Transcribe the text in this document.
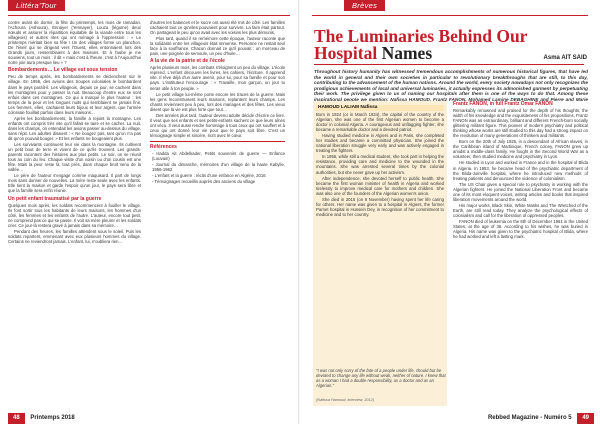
Littéra'Tour

contre avant de dormir, la fête du printemps, les mois de ramadan, l'Achoura (Ashoura), Ennayer (Yennayer), Louza (légume) deux nœuds et assurer la répartition équitable de la viande entre tous les villageois) et autres rites qui ont ménagé à l'oppression : « Le printemps méritait bien sa fête ! Un des villages forme un planchon. De l'éveil qui se dirigeait vers l'Ouest, elles entonnaient lors des Grands jours, ressemblaient à des maisons. Et à l'aube je me souviens, tout un mois : il dit « mais c'est à l'heure, c'est à l'Aujourd'hui notre joie aura presque lieu » ?

Bombardements… Le village est sous tension

Peu de temps après, les bombardements se déclenchent sur le village. En 1956, des avions des troupes coloniales le bombardent dans le pays paraît-il. Les villageois, depuis ce jour, se cachent dans les montagnes pour y passer la nuit. Beaucoup d'entre eux se sont enfuis dans ces montagnes. Ce qui a marqué le plus l'auteur : les temps de la peur et les longues nuits qui semblaient ne jamais finir. Les femmes, elles, cachaient leurs bijoux et leur argent, que l'armée coloniale fouillait parfois dans leurs maisons…

Après les bombardements, la famille a rejoint la montagne. Les enfants ont compris très vite qu'il fallait se taire et se cacher. La nuit, dans les champs, on entendait les avions passer au-dessus du village, sans répit. Les adultes disaient : « Ne bougez pas, tant qu'on n'a pas dit qu'on pouvait bouger. » Et les enfants ne bougeaient plus.

Les survivants continuent leur vie dans la montagne. Ils cultivent un petit bout de terre et vivent de ce qu'ils trouvent. Les grands-parents racontent des histoires aux plus petits. Le soir, on se réunit tous au coin du feu. Chaque visite d'un voisin ou d'un cousin est une fête. Mais la peur reste là, tout près, dans chaque bruit venu de la vallée…

Le père de l'auteur s'engage comme maquisard. Il part de longs mois sans donner de nouvelles. La mère reste seule avec les enfants. Elle tient la maison et garde l'espoir qu'un jour, le pays sera libre et que la famille sera enfin réunie.

Un petit enfant traumatisé par la guerre

Quelques mois après, les soldats recommencent à fouiller le village. Ils font sortir tous les habitants de leurs maisons, les hommes d'un côté, les femmes et les enfants de l'autre. L'auteur, encore tout petit, ne comprend pas ce qui se passe. Il voit sa mère pleurer et les soldats crier. Ce jour-là restera gravé à jamais dans sa mémoire…

Pendant des heures, les familles attendent sous le soleil. Puis les soldats repartent, emmenant avec eux plusieurs hommes du village. Certains ne reviendront jamais. L'enfant, lui, n'oubliera rien…

d'autres les balances et le sucre ont aussi été mis de côté. Les familles cachaient tout ce qu'elles pouvaient pour survivre. La faim était partout. On partageait le peu qu'on avait avec les voisins les plus démunis.

Plus tard, quand il se remémore cette époque, l'auteur raconte que la solidarité entre les villageois était immense. Personne ne restait seul face à la souffrance. Chacun donnait ce qu'il pouvait : un morceau de pain, une poignée de semoule, un peu d'huile…

A la vie de la patrie et de l'école

Après plusieurs mois, les combats s'éloignent un peu du village. L'école reprend. L'enfant découvre les livres, les cahiers, l'écriture. Il apprend vite. Il rêve déjà d'un autre avenir, pour lui, pour sa famille et pour son pays. L'instituteur l'encourage : « Travaille, mon garçon, un jour tu seras utile à ton peuple. »

Le petit village lui-même porte encore les traces de la guerre. Mais les gens reconstruisent leurs maisons, replantent leurs champs. Les chants reviennent peu à peu, lors des mariages et des fêtes. Les vieux disent que la vie est plus forte que tout…

Des années plus tard, l'auteur devenu adulte décide d'écrire ce livre. Il veut que ses enfants et ses petits-enfants sachent ce que leurs aînés ont vécu. Il veut aussi rendre hommage à tous ceux qui ont souffert et à ceux qui ont donné leur vie pour que le pays soit libre. C'est un témoignage simple et sincère, écrit avec le cœur.

Références
- Hadda Ait Abdelkader, Petits souvenirs de guerre — Enfance (Louvain)
- Journal du dimanche, mémoires d'un village de la haute Kabylie, 1956-1962
- L'enfant et la guerre : récits d'une enfance en Algérie, 2016
- Témoignages recueillis auprès des anciens du village
48 Printemps 2018
Brèves
The Luminaries Behind Our
Hospital Names	Asma AIT SAID
Throughout history humanity has witnessed tremendous accomplishments of numerous historical figures, that have led the world in general and their own societies in particular to revolutionary breakthroughs that are still, to this day, contributing to the advancement of the human nations. Around the world, every society nowadays not only recognizes the prodigious achievements of local and universal luminaries, it actually expresses its admonished garment by perpetuating their work. The privilege given to us of naming our hospitals after them is one of the ways to do that. Among these inspirational people we mention: Nafissa HAMOUD, Frantz FANON, Mohamed Lamine DEBAGHINE and Pierre and Marie
HAMOUD LALIAM Nafissa

Born in 1924 (or in March 1924), the capital of the country of the Algerian, she was one of the first Algerian women to become a doctor in colonial Algeria. A courageous and unflagging fighter, she became a remarkable doctor and a devoted patriot.

Having studied medicine in Algiers and in Paris, she completed her studies and became a committed physician. She joined the national liberation struggle very early and was actively engaged in treating the fighters.

In 1955, while still a medical student, she took part in helping the resistance, providing care and medicine to the wounded in the mountains. She was arrested several times by the colonial authorities, but she never gave up her activism.

After independence, she devoted herself to public health. She became the first woman minister of health in Algeria and worked tirelessly to improve medical care for mothers and children. She was also one of the founders of the Algerian women's union.

She died in 2015 (on 6 November) having spent her life caring for others. Her name was given to a hospital in Algiers, the former Parnet hospital in Hussein Dey, in recognition of her commitment to medicine and to her country.

"I was not only sorry of the fate of a people under life, should but be devoted to change any life without weak, neither of nature. I knew that as a woman I had a double responsibility, as a doctor and as an Algerian."
(Nafissa Hamoud, interview, 2012)
Frantz FANON, in full Frantz Omar FANON

Remarkably renowned and praised for the depth of his thoughts, the width of his knowledge and the exquisiteness of his propositions, Frantz FANON was an extraordinary, brilliant and different French-born socially glittering militant figure. This pioneer of modern psychiatry and political thinking whose works are still studied to this day had a strong impact on the revolution of many generations of thinkers and militants.

Born on the 20th of July 1925, in a descendant of African slaves, in the Caribbean island of Martinique, French colony, FANON grew up amidst a middle-class family. He fought in the Second World War as a volunteer, then studied medicine and psychiatry in Lyon.

He studied in Lyon and worked in France and in the hospital of Blida in Algeria. In 1953, he became head of the psychiatric department of the Blida-Joinville hospital, where he introduced new methods of treating patients and denounced the violence of colonialism.

The US Chair gives a special role to psychiatry in working with the Algerian fighters. He joined the National Liberation Front and became one of its most eloquent voices, writing articles and books that inspired liberation movements around the world.

His major works, Black Skin, White Masks and The Wretched of the Earth, are still read today. They analyze the psychological effects of colonialism and call for the liberation of oppressed peoples.

FANON died of leukemia on the 6th of December 1961 in the United States, at the age of 36. According to his wishes, he was buried in Algeria. His name was given to the psychiatric hospital of Blida, where he had worked and left a lasting mark.

Rebbed Magazine - Numéro 5 49
